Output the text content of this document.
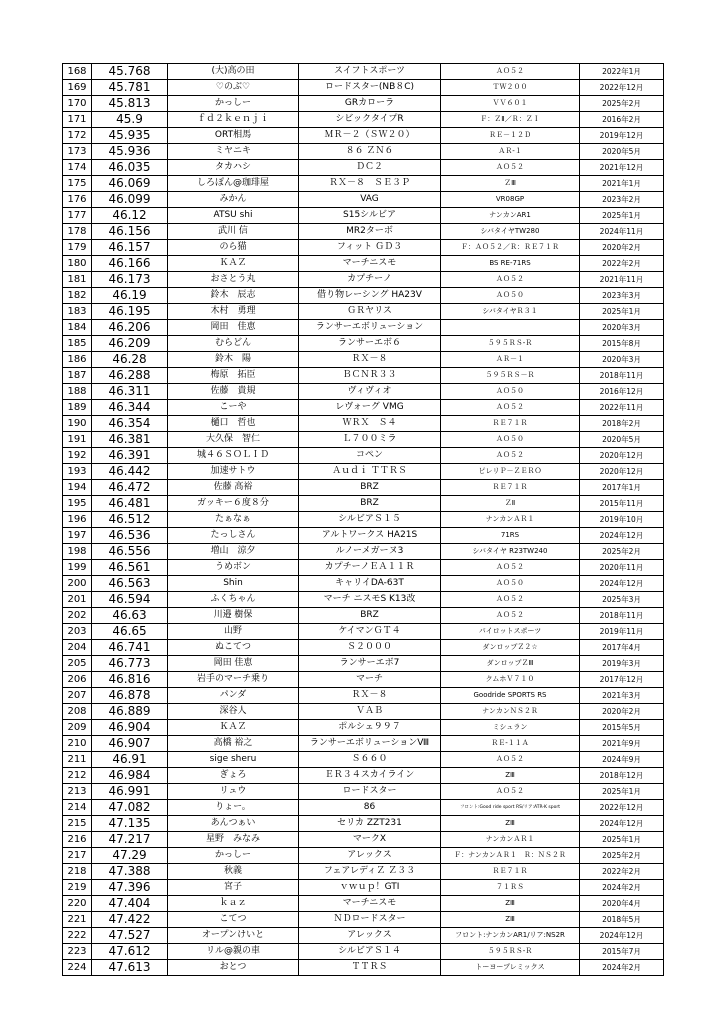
168	45.768	(大)高の田	スイフトスポーツ	ＡＯ５２	2022年1月
169	45.781	♡のぶ♡	ロードスター(NB８C)	ＴＷ２００	2022年12月
170	45.813	かっしー	GRカローラ	ＶＶ６０１	2025年2月
171	45.9	ｆｄ２ｋｅｎｊｉ	シビックタイプR	Ｆ：ＺⅡ／Ｒ：ＺＩ	2016年2月
172	45.935	ORT相馬	ＭＲ－２（ＳＷ２０）	ＲＥ－１２Ｄ	2019年12月
173	45.936	ミヤニキ	８６ ＺＮ６	ＡＲ-１	2020年5月
174	46.035	タカハシ	ＤＣ２	ＡＯ５２	2021年12月
175	46.069	しろぽん@珈琲屋	ＲＸ－８　ＳＥ３Ｐ	ＺⅢ	2021年1月
176	46.099	みかん	VAG	VR08GP	2023年2月
177	46.12	ATSU shi	S15シルビア	ナンカンAR1	2025年1月
178	46.156	武川 信	MR2ターボ	シバタイヤTW280	2024年11月
179	46.157	のら猫	フィット ＧＤ３	Ｆ：ＡＯ５２／Ｒ：ＲＥ７１Ｒ	2020年2月
180	46.166	ＫＡＺ	マーチニスモ	BS RE-71RS	2022年2月
181	46.173	おさとう丸	カプチーノ	ＡＯ５２	2021年11月
182	46.19	鈴木　辰志	借り物レーシング HA23V	ＡＯ５０	2023年3月
183	46.195	木村　勇理	ＧＲヤリス	シバタイヤＲ３１	2025年1月
184	46.206	岡田　佳恵	ランサーエボリューション		2020年3月
185	46.209	むらどん	ランサーエボ６	５９５ＲＳ-Ｒ	2015年8月
186	46.28	鈴木　陽	ＲＸ－８	ＡＲ－１	2020年3月
187	46.288	梅原　拓臣	ＢＣＮＲ３３	５９５ＲＳ－Ｒ	2018年11月
188	46.311	佐藤　貴規	ヴィヴィオ	ＡＯ５０	2016年12月
189	46.344	こーや	レヴォーグ VMG	ＡＯ５２	2022年11月
190	46.354	樋口　哲也	ＷＲＸ　Ｓ４	ＲＥ７１Ｒ	2018年2月
191	46.381	大久保　智仁	Ｌ７００ミラ	ＡＯ５０	2020年5月
192	46.391	城４６ＳＯＬＩＤ	コペン	ＡＯ５２	2020年12月
193	46.442	加速サトウ	Ａｕｄｉ ＴＴＲＳ	ピレリＰ－ＺＥＲＯ	2020年12月
194	46.472	佐藤 高裕	BRZ	ＲＥ７１Ｒ	2017年1月
195	46.481	ガッキー６度８分	BRZ	ＺⅡ	2015年11月
196	46.512	たぁなぁ	シルビアＳ１５	ナンカンＡＲ１	2019年10月
197	46.536	たっしさん	アルトワークス HA21S	71RS	2024年12月
198	46.556	増山　涼夕	ルノーメガーヌ3	シバタイヤ R23TW240	2025年2月
199	46.561	うめボン	カプチーノＥＡ１１Ｒ	ＡＯ５２	2020年11月
200	46.563	Shin	キャリイDA-63T	ＡＯ５０	2024年12月
201	46.594	ふくちゃん	マーチ ニスモS K13改	ＡＯ５２	2025年3月
202	46.63	川邉 樹保	BRZ	ＡＯ５２	2018年11月
203	46.65	山野	ケイマンＧＴ４	パイロットスポーツ	2019年11月
204	46.741	ぬこてつ	Ｓ２０００	ダンロップＺ２☆	2017年4月
205	46.773	岡田 佳恵	ランサーエボ7	ダンロップＺⅢ	2019年3月
206	46.816	岩手のマーチ乗り	マーチ	クムホＶ７１０	2017年12月
207	46.878	パンダ	ＲＸ－８	Goodride SPORTS RS	2021年3月
208	46.889	深谷人	ＶＡＢ	ナンカンＮＳ２Ｒ	2020年2月
209	46.904	ＫＡＺ	ポルシェ９９７	ミシュラン	2015年5月
210	46.907	高橋 裕之	ランサーエボリューションⅧ	ＲＥ-１１Ａ	2021年9月
211	46.91	sige sheru	Ｓ６６０	ＡＯ５２	2024年9月
212	46.984	ぎょろ	ＥＲ３４スカイライン	ZⅢ	2018年12月
213	46.991	リュウ	ロードスター	ＡＯ５２	2025年1月
214	47.082	りょー。	86	フロント:Good ride sport RS/リア:ATR-K sport	2022年12月
215	47.135	あんつぁい	セリカ ZZT231	ZⅢ	2024年12月
216	47.217	星野　みなみ	マークX	ナンカンＡＲ１	2025年1月
217	47.29	かっしー	アレックス	Ｆ：ナンカンＡＲ１　Ｒ：ＮＳ２Ｒ	2025年2月
218	47.388	秋義	フェアレディＺ Ｚ３３	ＲＥ７１Ｒ	2022年2月
219	47.396	宮子	ｖｗｕｐ！GTI	７１ＲＳ	2024年2月
220	47.404	ｋａｚ	マーチニスモ	ZⅢ	2020年4月
221	47.422	こてつ	ＮＤロードスター	ZⅢ	2018年5月
222	47.527	オープンけいと	アレックス	フロント:ナンカンAR1/リア:NS2R	2024年12月
223	47.612	リル@親の車	シルビアＳ１４	５９５ＲＳ-Ｒ	2015年7月
224	47.613	おとつ	ＴＴＲＳ	トーヨープレミックス	2024年2月
